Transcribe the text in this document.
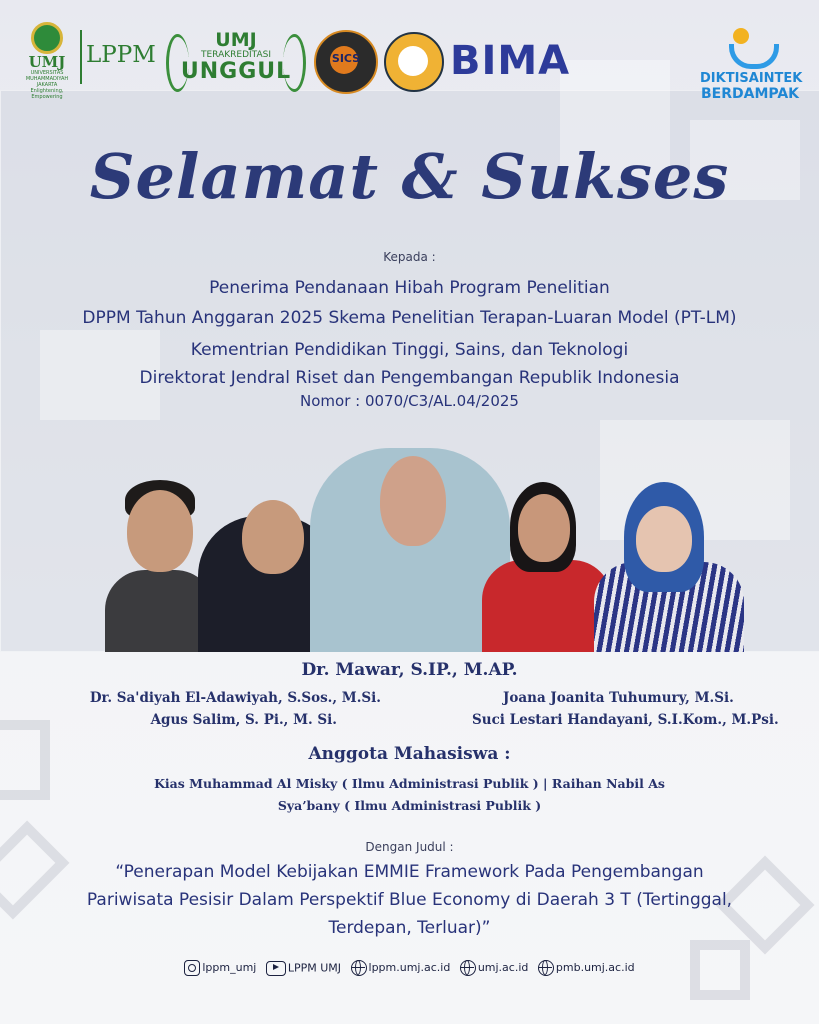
UMJ
UNIVERSITAS MUHAMMADIYAH JAKARTA
Enlightening, Empowering
LPPM
UMJ
TERAKREDITASI
UNGGUL
SICS	BIMA	DIKTISAINTEK
BERDAMPAK
Selamat & Sukses
Kepada :
Penerima Pendanaan Hibah Program Penelitian
DPPM Tahun Anggaran 2025 Skema Penelitian Terapan-Luaran Model (PT-LM)
Kementrian Pendidikan Tinggi, Sains, dan Teknologi
Direktorat Jendral Riset dan Pengembangan Republik Indonesia
Nomor : 0070/C3/AL.04/2025
Dr. Mawar, S.IP., M.AP.
Dr. Sa'diyah El-Adawiyah, S.Sos., M.Si.
Agus Salim, S. Pi., M. Si.
Joana Joanita Tuhumury, M.Si.
Suci Lestari Handayani, S.I.Kom., M.Psi.
Anggota Mahasiswa :
Kias Muhammad Al Misky ( Ilmu Administrasi Publik ) | Raihan Nabil As
Sya’bany ( Ilmu Administrasi Publik )
Dengan Judul :
“Penerapan Model Kebijakan EMMIE Framework Pada Pengembangan
Pariwisata Pesisir Dalam Perspektif Blue Economy di Daerah 3 T (Tertinggal,
Terdepan, Terluar)”
lppm_umj	LPPM UMJ	lppm.umj.ac.id	umj.ac.id	pmb.umj.ac.id
